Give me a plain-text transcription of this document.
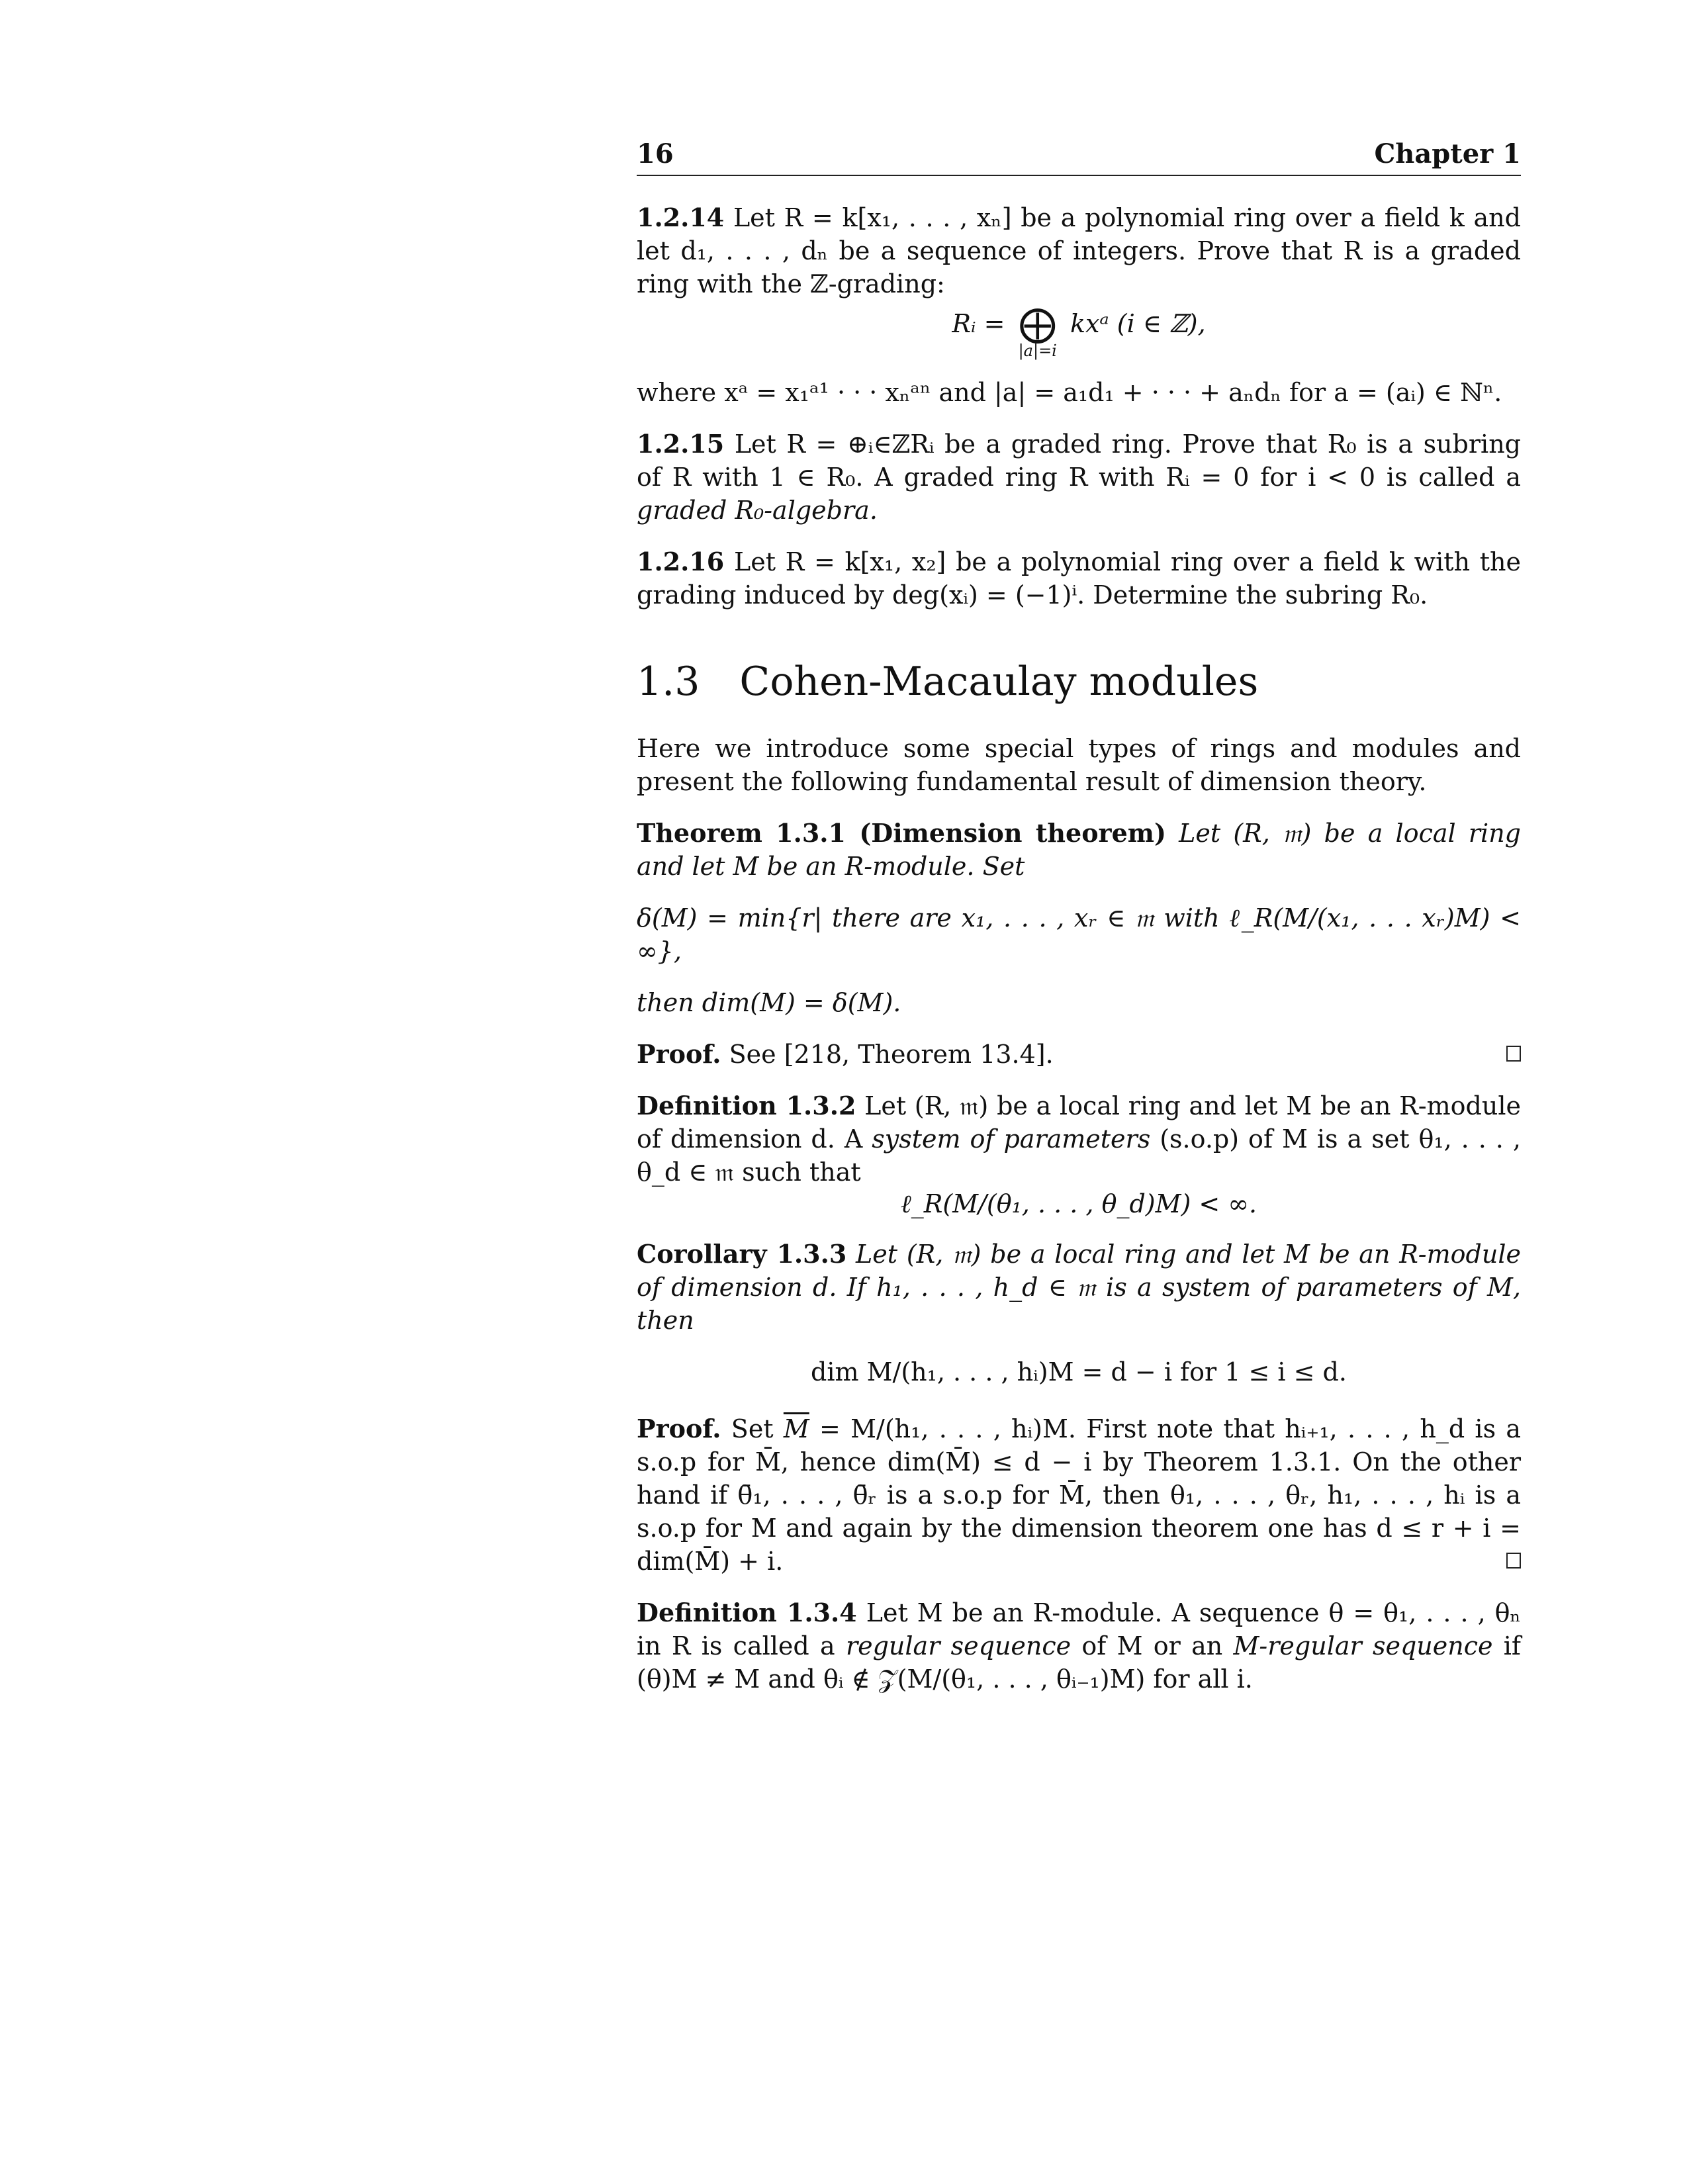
16	Chapter 1

1.2.14 Let R = k[x₁, . . . , xₙ] be a polynomial ring over a field k and let d₁, . . . , dₙ be a sequence of integers. Prove that R is a graded ring with the ℤ-grading:

Rᵢ = ⨁
|a|=i
kxᵃ (i ∈ ℤ),

where xᵃ = x₁ᵃ¹ · · · xₙᵃⁿ and |a| = a₁d₁ + · · · + aₙdₙ for a = (aᵢ) ∈ ℕⁿ.

1.2.15 Let R = ⊕ᵢ∈ℤRᵢ be a graded ring. Prove that R₀ is a subring of R with 1 ∈ R₀. A graded ring R with Rᵢ = 0 for i < 0 is called a graded R₀-algebra.

1.2.16 Let R = k[x₁, x₂] be a polynomial ring over a field k with the grading induced by deg(xᵢ) = (−1)ⁱ. Determine the subring R₀.

1.3 Cohen-Macaulay modules

Here we introduce some special types of rings and modules and present the following fundamental result of dimension theory.

Theorem 1.3.1 (Dimension theorem) Let (R, 𝔪) be a local ring and let M be an R-module. Set

δ(M) = min{r| there are x₁, . . . , xᵣ ∈ 𝔪 with ℓ_R(M/(x₁, . . . xᵣ)M) < ∞},

then dim(M) = δ(M).

Proof. See [218, Theorem 13.4].

Definition 1.3.2 Let (R, 𝔪) be a local ring and let M be an R-module of dimension d. A system of parameters (s.o.p) of M is a set θ₁, . . . , θ_d ∈ 𝔪 such that

ℓ_R(M/(θ₁, . . . , θ_d)M) < ∞.

Corollary 1.3.3 Let (R, 𝔪) be a local ring and let M be an R-module of dimension d. If h₁, . . . , h_d ∈ 𝔪 is a system of parameters of M, then

dim M/(h₁, . . . , hᵢ)M = d − i for 1 ≤ i ≤ d.

Proof. Set $\overline{M} = M/(h_1$, . . . , hᵢ)M. First note that hᵢ₊₁, . . . , h_d is a s.o.p for M̄, hence dim(M̄) ≤ d − i by Theorem 1.3.1. On the other hand if θ̄₁, . . . , θ̄ᵣ is a s.o.p for M̄, then θ₁, . . . , θᵣ, h₁, . . . , hᵢ is a s.o.p for M and again by the dimension theorem one has d ≤ r + i = dim(M̄) + i.

Definition 1.3.4 Let M be an R-module. A sequence θ = θ₁, . . . , θₙ in R is called a regular sequence of M or an M-regular sequence if (θ)M ≠ M and θᵢ ∉ 𝒵(M/(θ₁, . . . , θᵢ₋₁)M) for all i.
